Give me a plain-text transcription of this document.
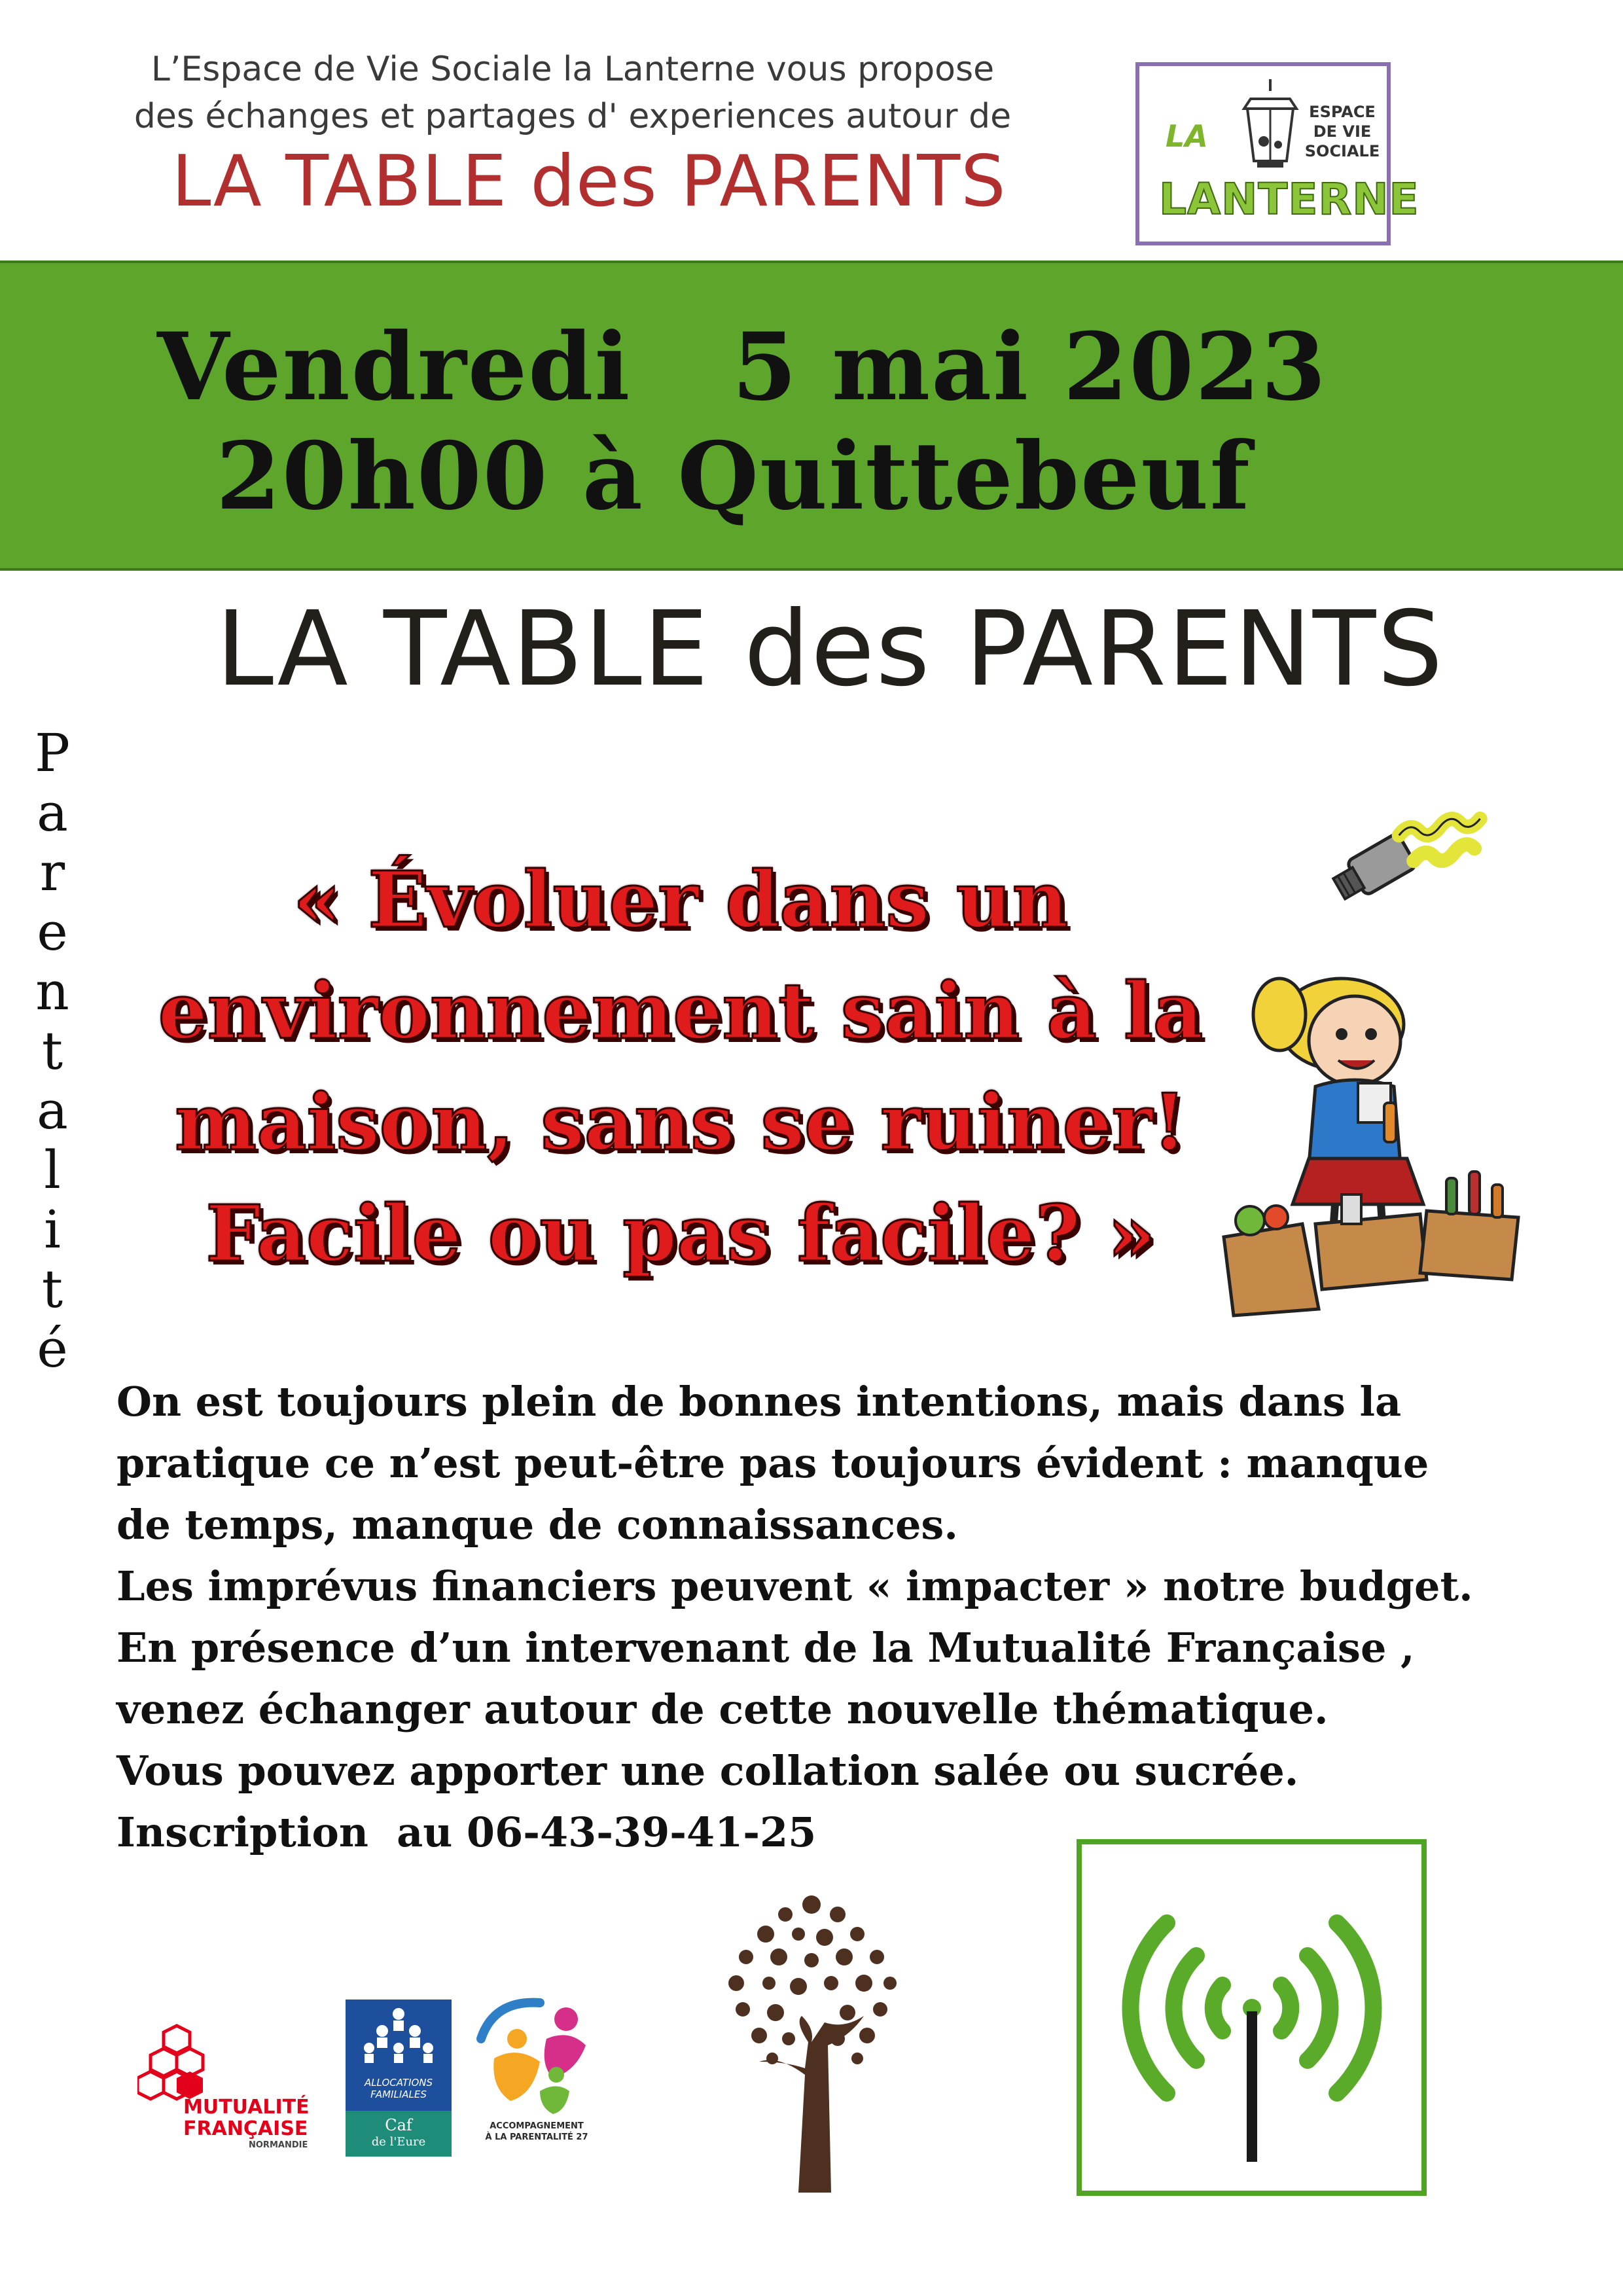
L’Espace de Vie Sociale la Lanterne vous propose
des échanges et partages d' experiences autour de
LA TABLE des PARENTS
LA
ESPACE
DE VIE SOCIALE
LANTERNE
Vendredi   5 mai 2023
20h00 à Quittebeuf
LA TABLE des PARENTS
P
a
r
e
n
t
a
l
i
t
é
« Évoluer dans un
environnement sain à la
maison, sans se ruiner!
Facile ou pas facile? »
On est toujours plein de bonnes intentions, mais dans la
pratique ce n’est peut-être pas toujours évident : manque
de temps, manque de connaissances.
Les imprévus financiers peuvent « impacter » notre budget.
En présence d’un intervenant de la Mutualité Française ,
venez échanger autour de cette nouvelle thématique.
Vous pouvez apporter une collation salée ou sucrée.
Inscription  au 06-43-39-41-25
MUTUALITÉ
FRANÇAISE
NORMANDIE
ALLOCATIONS
FAMILIALES
Caf
de l'Eure
ACCOMPAGNEMENT
À LA PARENTALITÉ 27
